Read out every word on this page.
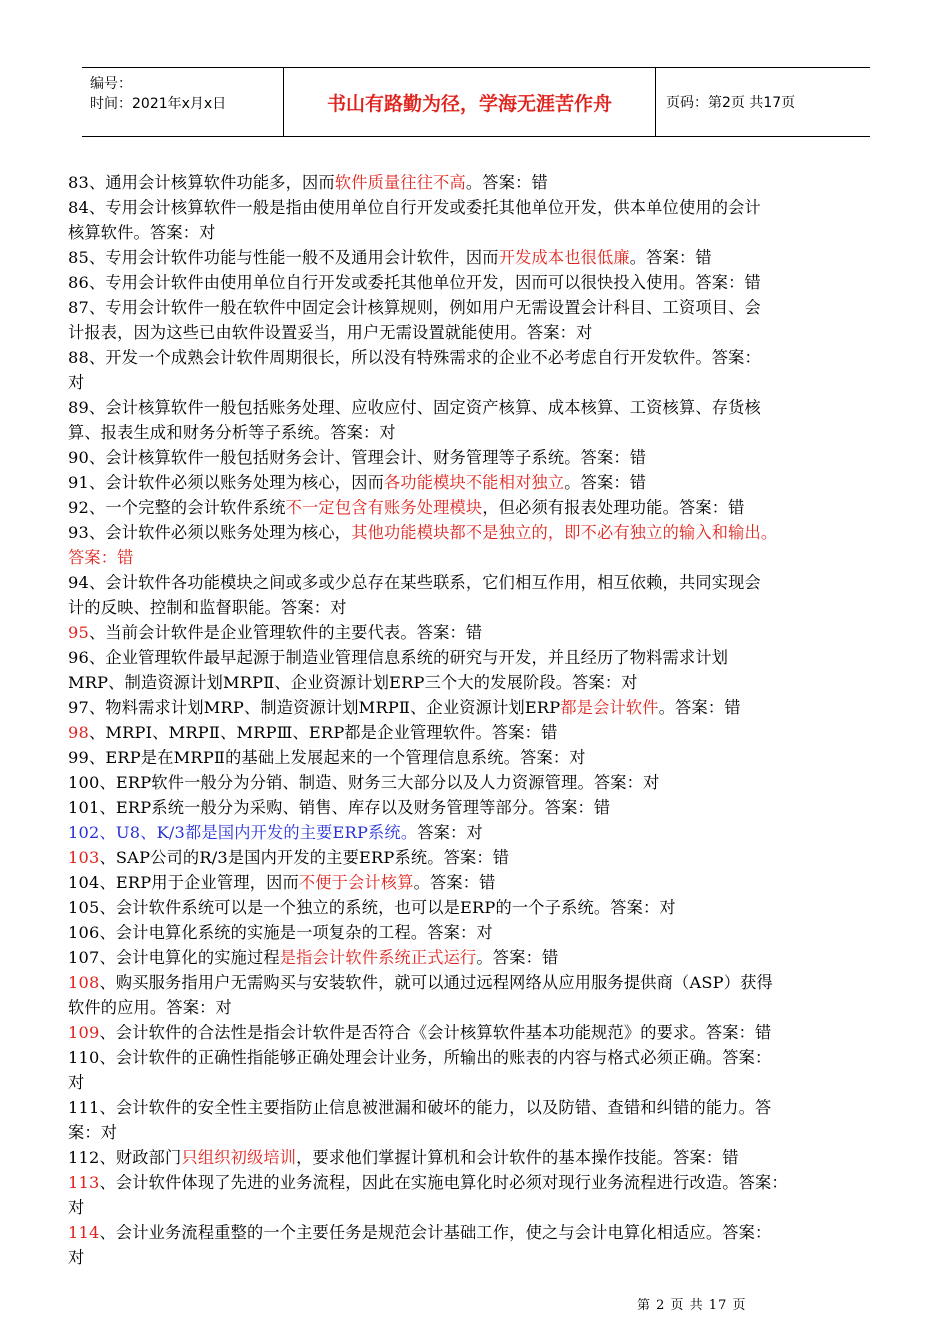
编号：
时间：2021年x月x日	书山有路勤为径，学海无涯苦作舟	页码：第2页 共17页
83、通用会计核算软件功能多，因而软件质量往往不高。答案：错
84、专用会计核算软件一般是指由使用单位自行开发或委托其他单位开发，供本单位使用的会计
核算软件。答案：对
85、专用会计软件功能与性能一般不及通用会计软件，因而开发成本也很低廉。答案：错
86、专用会计软件由使用单位自行开发或委托其他单位开发，因而可以很快投入使用。答案：错
87、专用会计软件一般在软件中固定会计核算规则，例如用户无需设置会计科目、工资项目、会
计报表，因为这些已由软件设置妥当，用户无需设置就能使用。答案：对
88、开发一个成熟会计软件周期很长，所以没有特殊需求的企业不必考虑自行开发软件。答案：
对
89、会计核算软件一般包括账务处理、应收应付、固定资产核算、成本核算、工资核算、存货核
算、报表生成和财务分析等子系统。答案：对
90、会计核算软件一般包括财务会计、管理会计、财务管理等子系统。答案：错
91、会计软件必须以账务处理为核心，因而各功能模块不能相对独立。答案：错
92、一个完整的会计软件系统不一定包含有账务处理模块，但必须有报表处理功能。答案：错
93、会计软件必须以账务处理为核心，其他功能模块都不是独立的，即不必有独立的输入和输出。
答案：错
94、会计软件各功能模块之间或多或少总存在某些联系，它们相互作用，相互依赖，共同实现会
计的反映、控制和监督职能。答案：对
95、当前会计软件是企业管理软件的主要代表。答案：错
96、企业管理软件最早起源于制造业管理信息系统的研究与开发，并且经历了物料需求计划
MRP、制造资源计划MRPⅡ、企业资源计划ERP三个大的发展阶段。答案：对
97、物料需求计划MRP、制造资源计划MRPⅡ、企业资源计划ERP都是会计软件。答案：错
98、MRPⅠ、MRPⅡ、MRPⅢ、ERP都是企业管理软件。答案：错
99、ERP是在MRPⅡ的基础上发展起来的一个管理信息系统。答案：对
100、ERP软件一般分为分销、制造、财务三大部分以及人力资源管理。答案：对
101、ERP系统一般分为采购、销售、库存以及财务管理等部分。答案：错
102、U8、K/3都是国内开发的主要ERP系统。答案：对
103、SAP公司的R/3是国内开发的主要ERP系统。答案：错
104、ERP用于企业管理，因而不便于会计核算。答案：错
105、会计软件系统可以是一个独立的系统，也可以是ERP的一个子系统。答案：对
106、会计电算化系统的实施是一项复杂的工程。答案：对
107、会计电算化的实施过程是指会计软件系统正式运行。答案：错
108、购买服务指用户无需购买与安装软件，就可以通过远程网络从应用服务提供商（ASP）获得
软件的应用。答案：对
109、会计软件的合法性是指会计软件是否符合《会计核算软件基本功能规范》的要求。答案：错
110、会计软件的正确性指能够正确处理会计业务，所输出的账表的内容与格式必须正确。答案：
对
111、会计软件的安全性主要指防止信息被泄漏和破坏的能力，以及防错、查错和纠错的能力。答
案：对
112、财政部门只组织初级培训，要求他们掌握计算机和会计软件的基本操作技能。答案：错
113、会计软件体现了先进的业务流程，因此在实施电算化时必须对现行业务流程进行改造。答案：
对
114、会计业务流程重整的一个主要任务是规范会计基础工作，使之与会计电算化相适应。答案：
对
第 2 页 共 17 页
